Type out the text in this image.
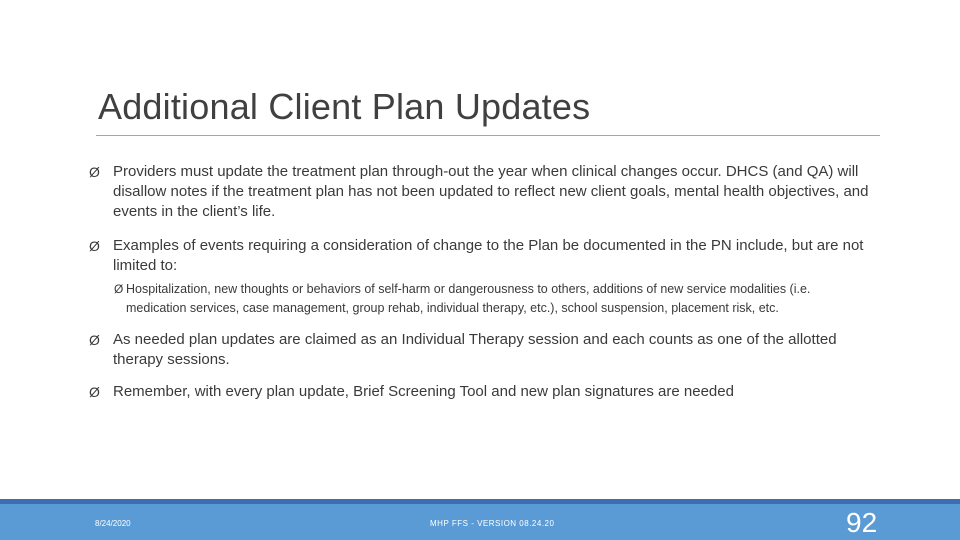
Additional Client Plan Updates
Ø Providers must update the treatment plan through-out the year when clinical changes occur. DHCS (and QA) will disallow notes if the treatment plan has not been updated to reflect new client goals, mental health objectives, and events in the client’s life.
Ø Examples of events requiring a consideration of change to the Plan be documented in the PN include, but are not limited to:
Ø Hospitalization, new thoughts or behaviors of self-harm or dangerousness to others, additions of new service modalities (i.e. medication services, case management, group rehab, individual therapy, etc.), school suspension, placement risk, etc.
Ø As needed plan updates are claimed as an Individual Therapy session and each counts as one of the allotted therapy sessions.
Ø Remember, with every plan update, Brief Screening Tool and new plan signatures are needed
8/24/2020	MHP FFS - VERSION 08.24.20	92
